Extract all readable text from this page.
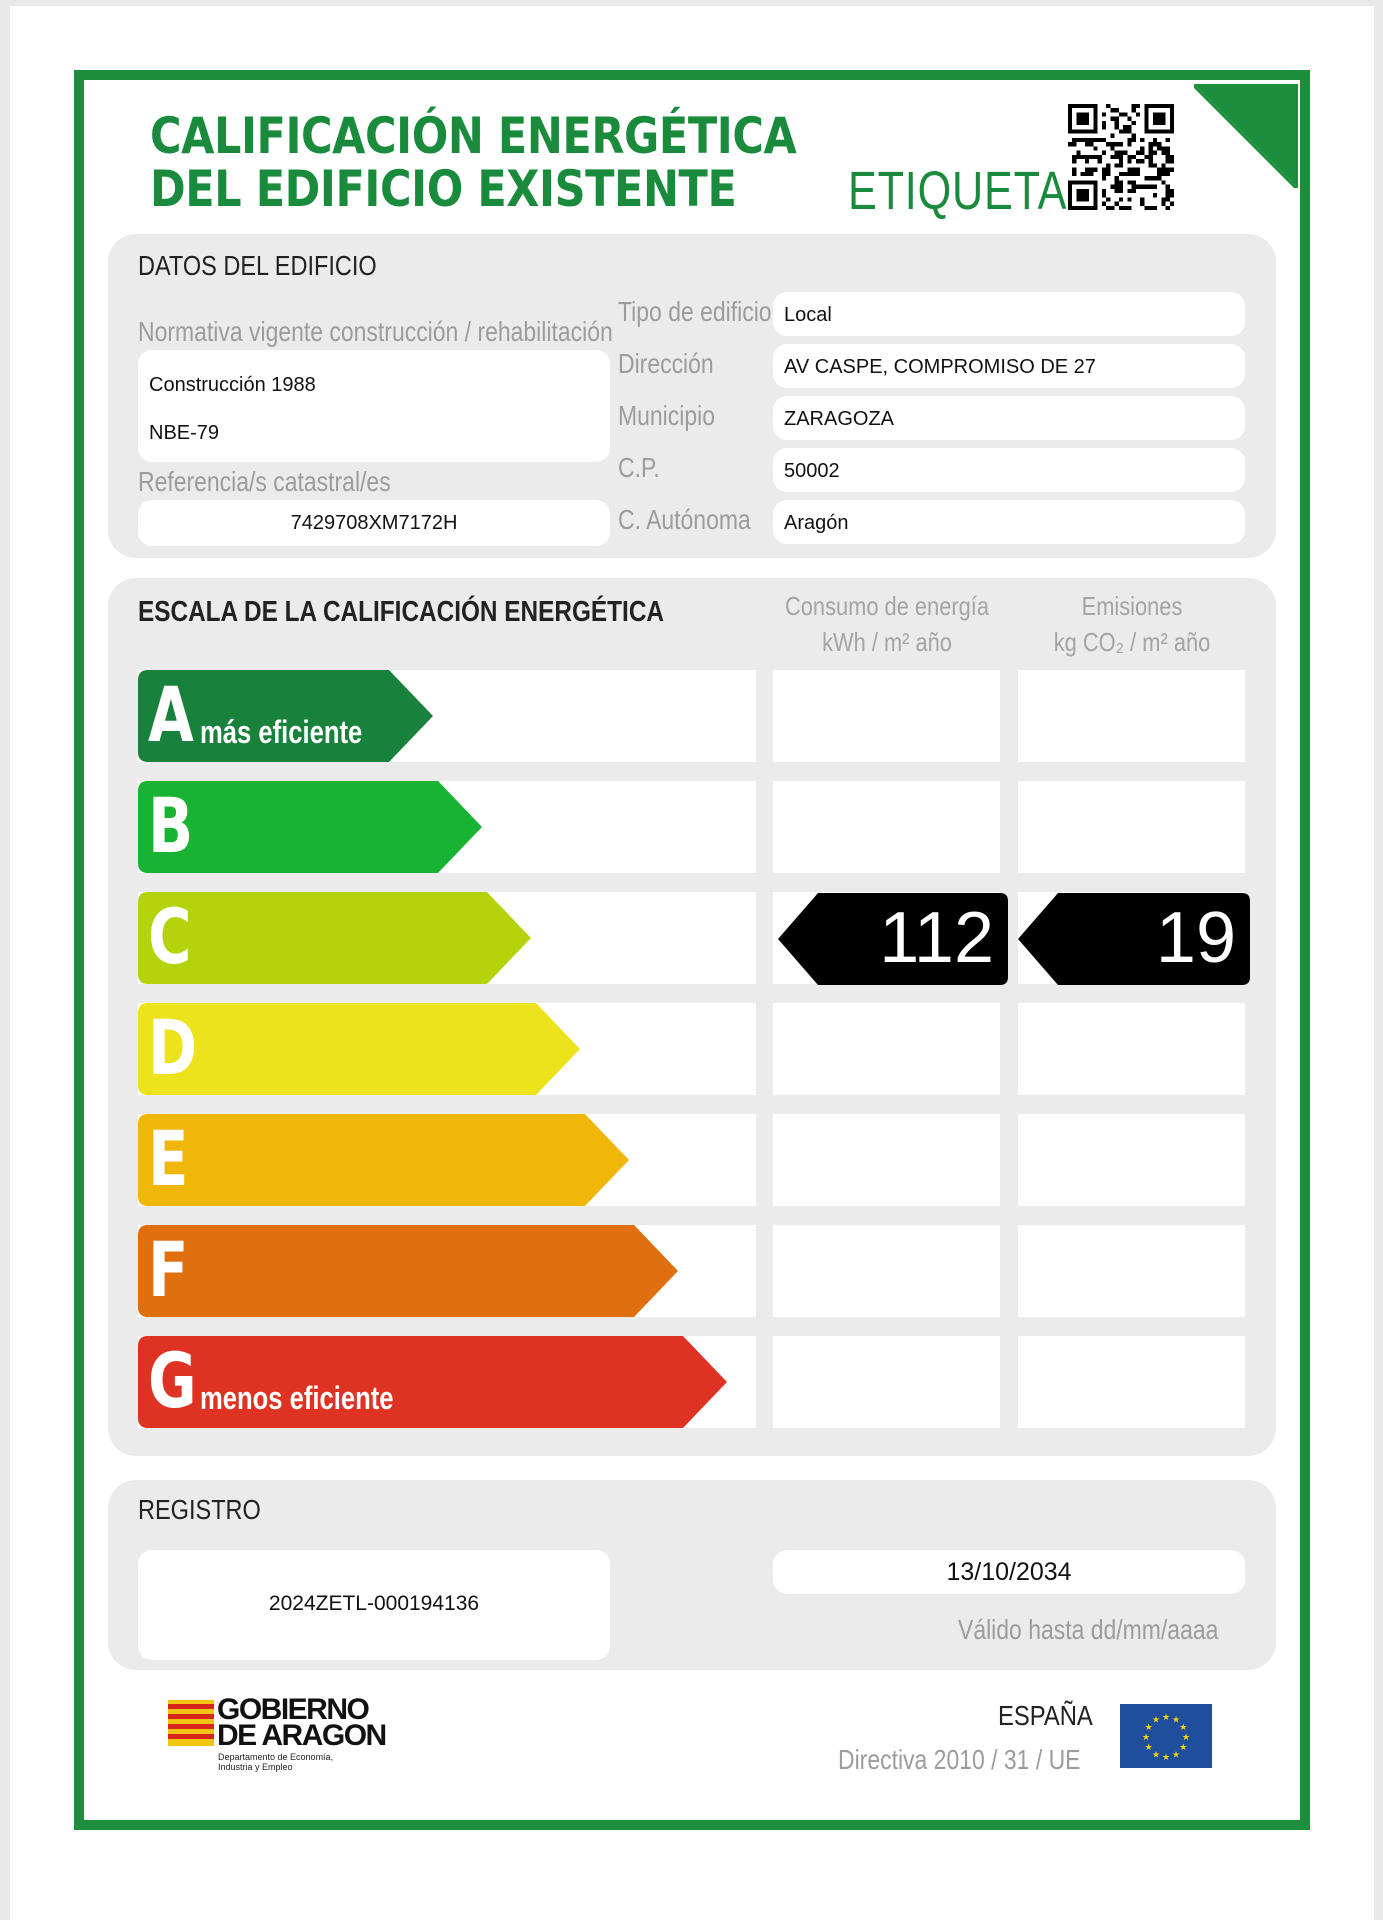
CALIFICACIÓN ENERGÉTICA
DEL EDIFICIO EXISTENTE	ETIQUETA
DATOS DEL EDIFICIO
Normativa vigente construcción / rehabilitación
Construcción 1988
NBE-79
Referencia/s catastral/es
7429708XM7172H
Tipo de edificio Local
Dirección	AV CASPE, COMPROMISO DE 27
Municipio	ZARAGOZA
C.P.	50002
C. Autónoma Aragón
ESCALA DE LA CALIFICACIÓN ENERGÉTICA	Consumo de energía
kWh / m² año
Emisiones
kg CO₂ / m² año
A más eficiente
B
C	112 19
D
E
F
G menos eficiente
REGISTRO
2024ZETL-000194136
13/10/2034
Válido hasta dd/mm/aaaa
GOBIERNO
DE ARAGON
Departamento de Economía,
Industria y Empleo
ESPAÑA
Directiva 2010 / 31 / UE
★
★
★
★
★
★
★
★
★ ★ ★
★
